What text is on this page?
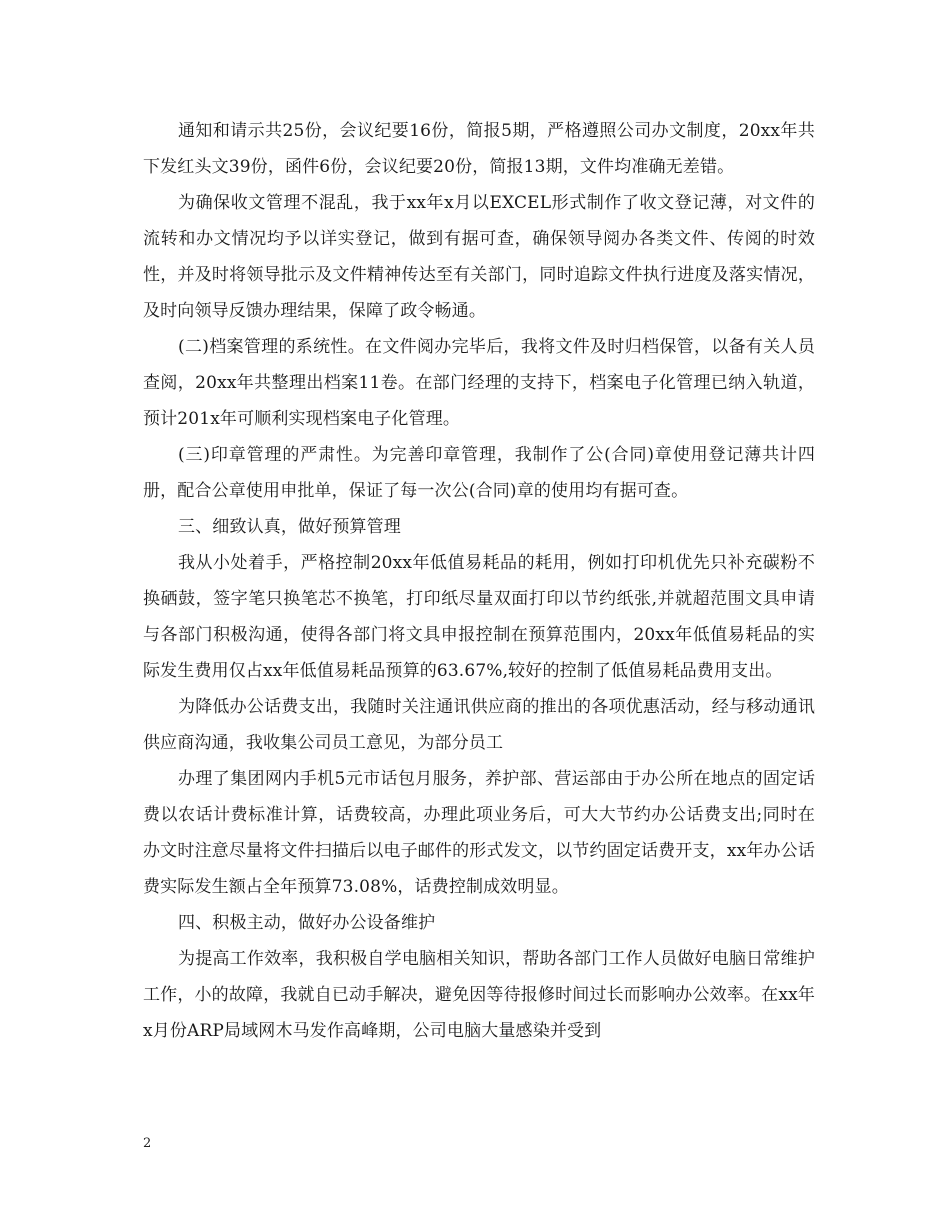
通知和请示共25份，会议纪要16份，简报5期，严格遵照公司办文制度，20xx年共下发红头文39份，函件6份，会议纪要20份，简报13期，文件均准确无差错。

为确保收文管理不混乱，我于xx年x月以EXCEL形式制作了收文登记薄，对文件的流转和办文情况均予以详实登记，做到有据可查，确保领导阅办各类文件、传阅的时效性，并及时将领导批示及文件精神传达至有关部门，同时追踪文件执行进度及落实情况，及时向领导反馈办理结果，保障了政令畅通。

(二)档案管理的系统性。在文件阅办完毕后，我将文件及时归档保管，以备有关人员查阅，20xx年共整理出档案11卷。在部门经理的支持下，档案电子化管理已纳入轨道，预计201x年可顺利实现档案电子化管理。

(三)印章管理的严肃性。为完善印章管理，我制作了公(合同)章使用登记薄共计四册，配合公章使用申批单，保证了每一次公(合同)章的使用均有据可查。

三、细致认真，做好预算管理

我从小处着手，严格控制20xx年低值易耗品的耗用，例如打印机优先只补充碳粉不换硒鼓，签字笔只换笔芯不换笔，打印纸尽量双面打印以节约纸张,并就超范围文具申请与各部门积极沟通，使得各部门将文具申报控制在预算范围内，20xx年低值易耗品的实际发生费用仅占xx年低值易耗品预算的63.67%,较好的控制了低值易耗品费用支出。

为降低办公话费支出，我随时关注通讯供应商的推出的各项优惠活动，经与移动通讯供应商沟通，我收集公司员工意见，为部分员工

办理了集团网内手机5元市话包月服务，养护部、营运部由于办公所在地点的固定话费以农话计费标准计算，话费较高，办理此项业务后，可大大节约办公话费支出;同时在办文时注意尽量将文件扫描后以电子邮件的形式发文，以节约固定话费开支，xx年办公话费实际发生额占全年预算73.08%，话费控制成效明显。

四、积极主动，做好办公设备维护

为提高工作效率，我积极自学电脑相关知识，帮助各部门工作人员做好电脑日常维护工作，小的故障，我就自已动手解决，避免因等待报修时间过长而影响办公效率。在xx年x月份ARP局域网木马发作高峰期，公司电脑大量感染并受到

2
